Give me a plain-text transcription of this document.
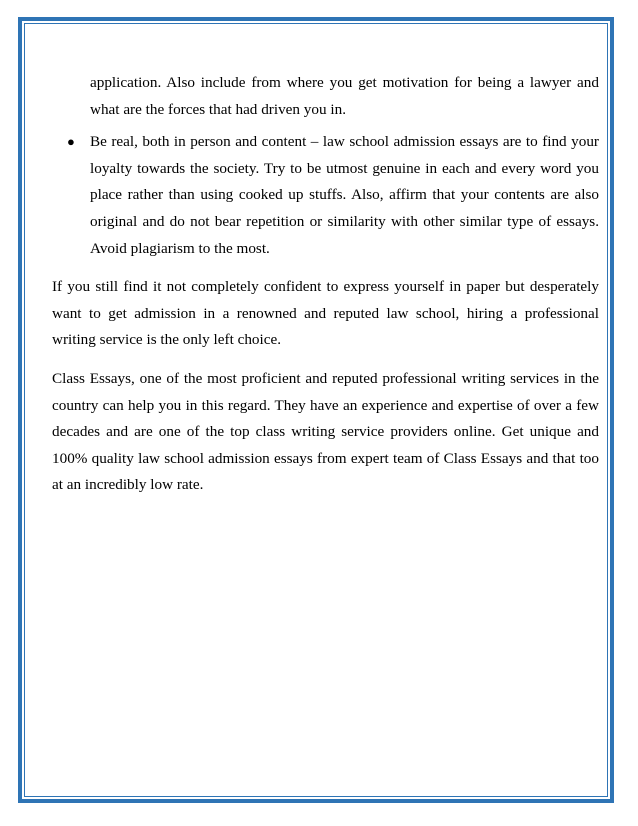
application. Also include from where you get motivation for being a lawyer and what are the forces that had driven you in.

● Be real, both in person and content – law school admission essays are to find your loyalty towards the society. Try to be utmost genuine in each and every word you place rather than using cooked up stuffs. Also, affirm that your contents are also original and do not bear repetition or similarity with other similar type of essays. Avoid plagiarism to the most.

If you still find it not completely confident to express yourself in paper but desperately want to get admission in a renowned and reputed law school, hiring a professional writing service is the only left choice.

Class Essays, one of the most proficient and reputed professional writing services in the country can help you in this regard. They have an experience and expertise of over a few decades and are one of the top class writing service providers online. Get unique and 100% quality law school admission essays from expert team of Class Essays and that too at an incredibly low rate.
